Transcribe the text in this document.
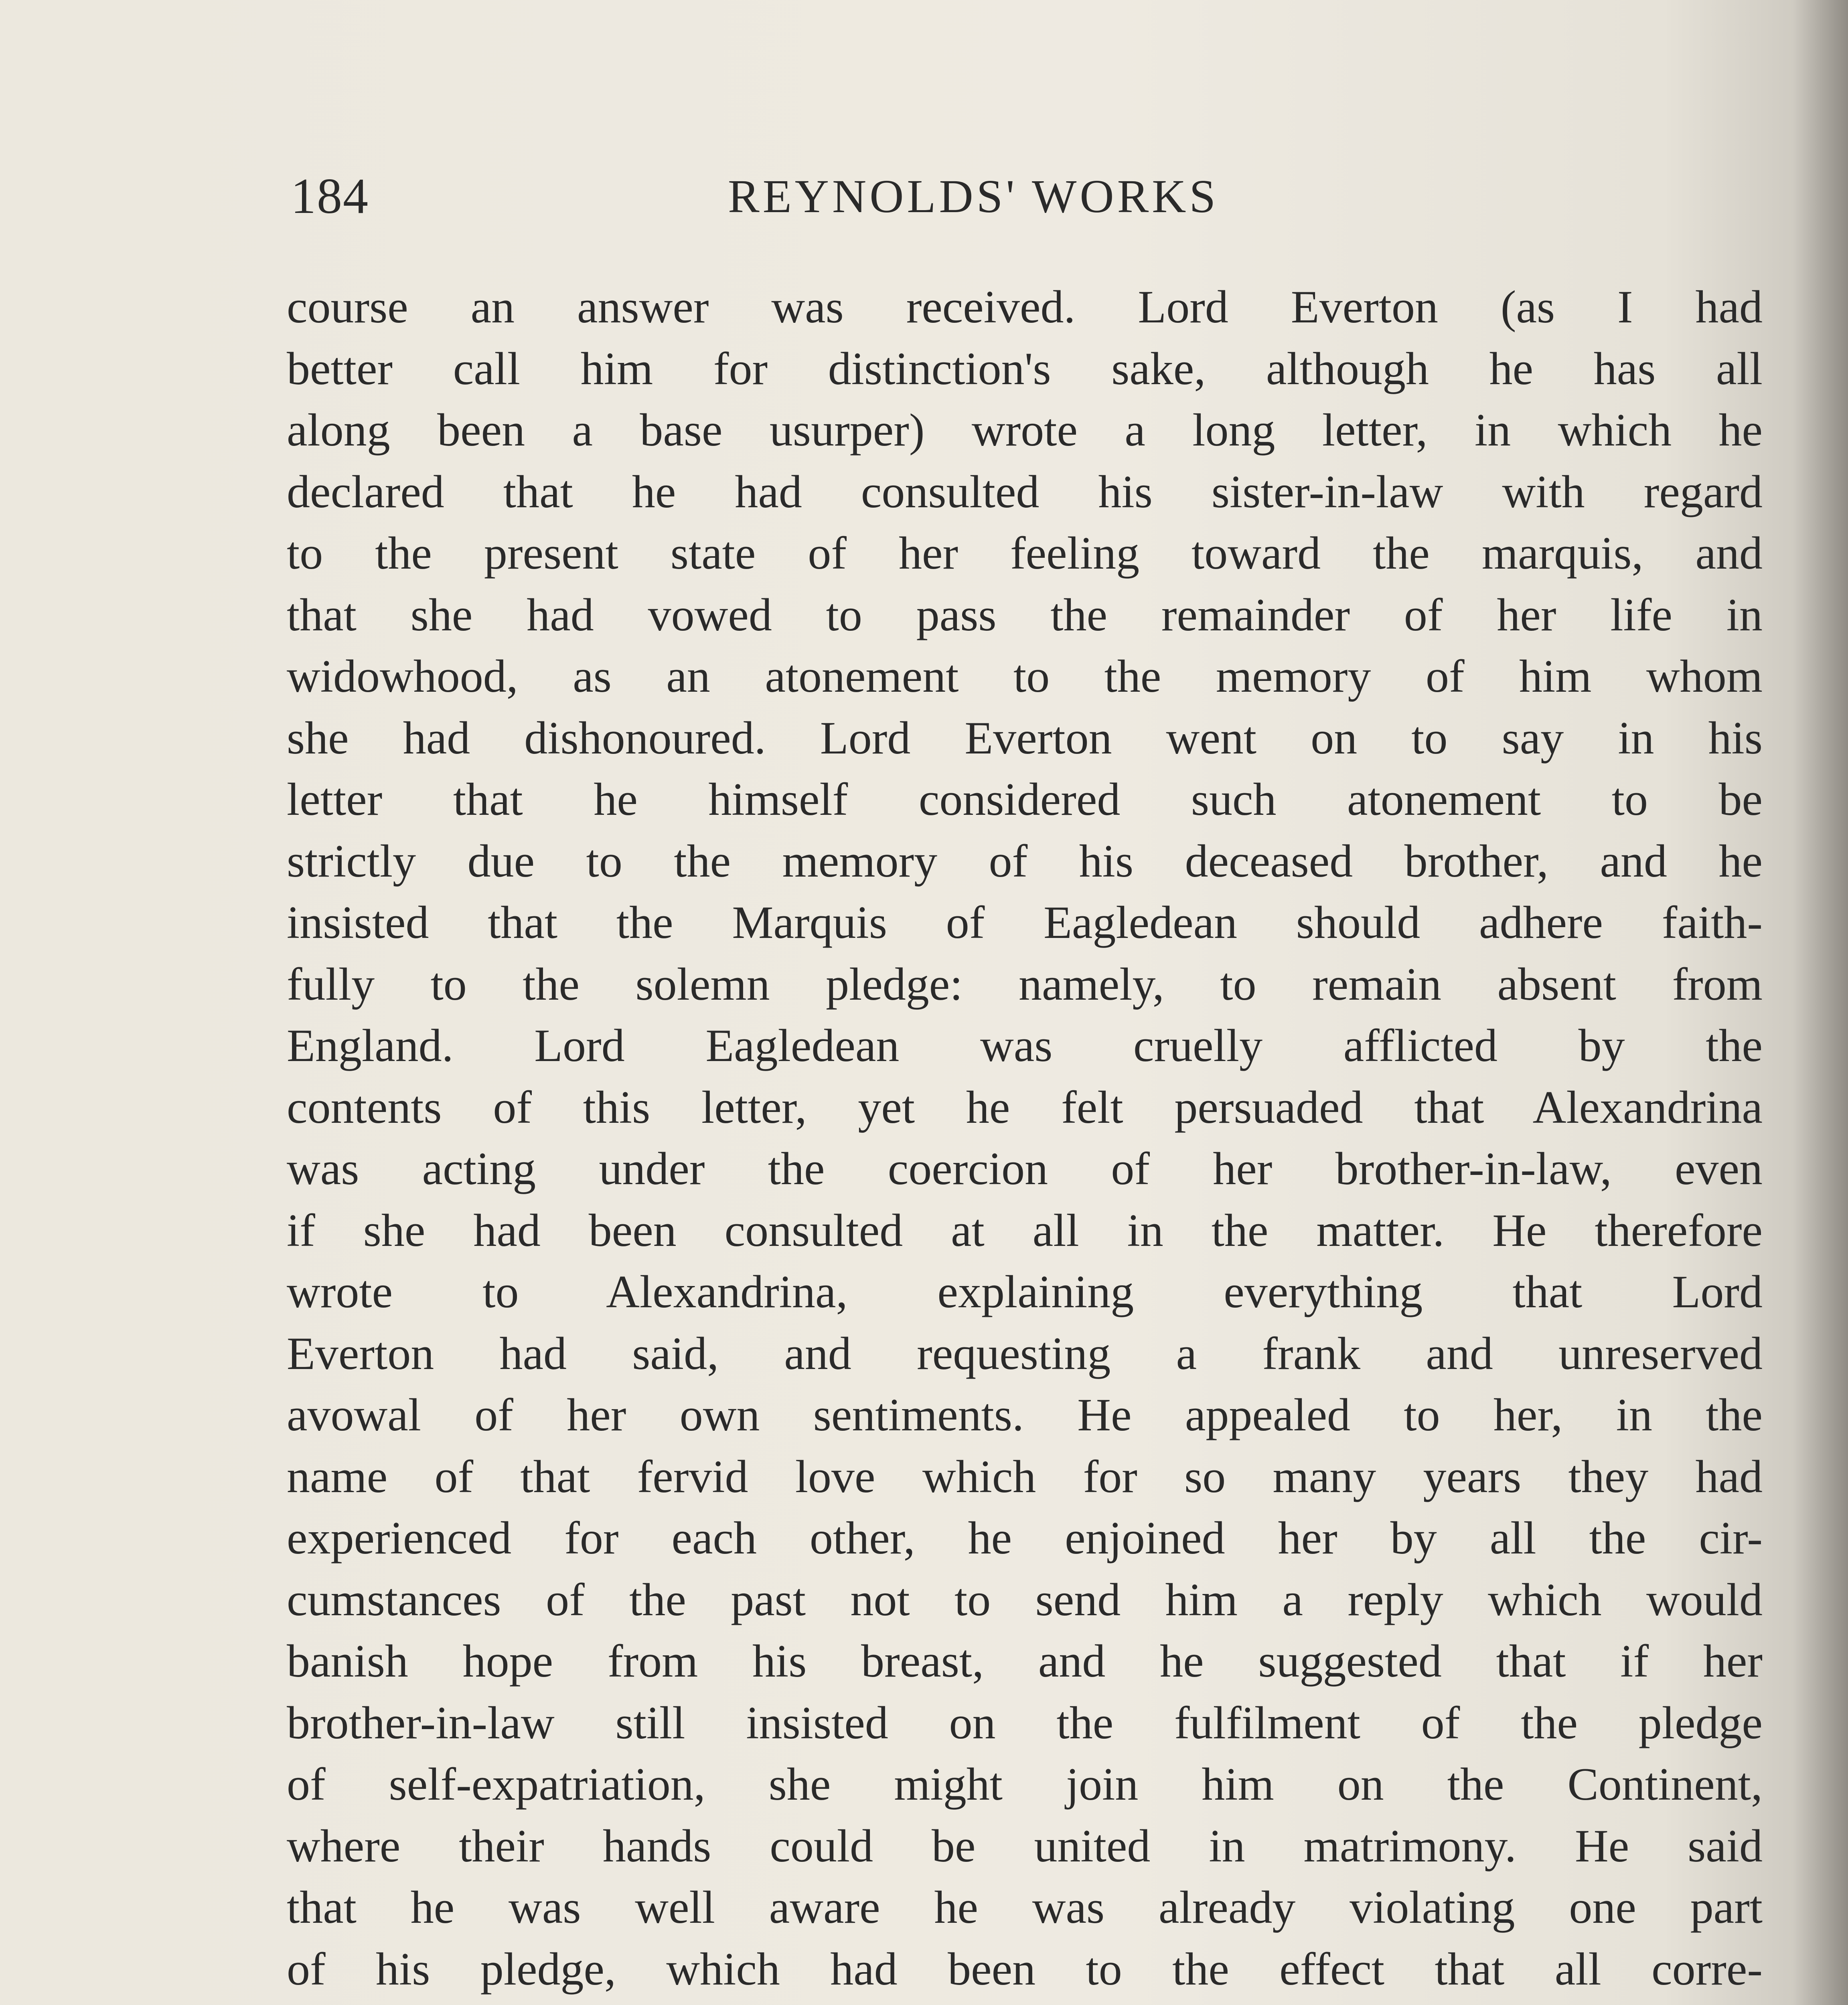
184	REYNOLDS' WORKS
course an answer was received. Lord Everton (as I had
better call him for distinction's sake, although he has all
along been a base usurper) wrote a long letter, in which he
declared that he had consulted his sister-in-law with regard
to the present state of her feeling toward the marquis, and
that she had vowed to pass the remainder of her life in
widowhood, as an atonement to the memory of him whom
she had dishonoured. Lord Everton went on to say in his
letter that he himself considered such atonement to be
strictly due to the memory of his deceased brother, and he
insisted that the Marquis of Eagledean should adhere faith-
fully to the solemn pledge: namely, to remain absent from
England. Lord Eagledean was cruelly afflicted by the
contents of this letter, yet he felt persuaded that Alexandrina
was acting under the coercion of her brother-in-law, even
if she had been consulted at all in the matter. He therefore
wrote to Alexandrina, explaining everything that Lord
Everton had said, and requesting a frank and unreserved
avowal of her own sentiments. He appealed to her, in the
name of that fervid love which for so many years they had
experienced for each other, he enjoined her by all the cir-
cumstances of the past not to send him a reply which would
banish hope from his breast, and he suggested that if her
brother-in-law still insisted on the fulfilment of the pledge
of self-expatriation, she might join him on the Continent,
where their hands could be united in matrimony. He said
that he was well aware he was already violating one part
of his pledge, which had been to the effect that all corre-
